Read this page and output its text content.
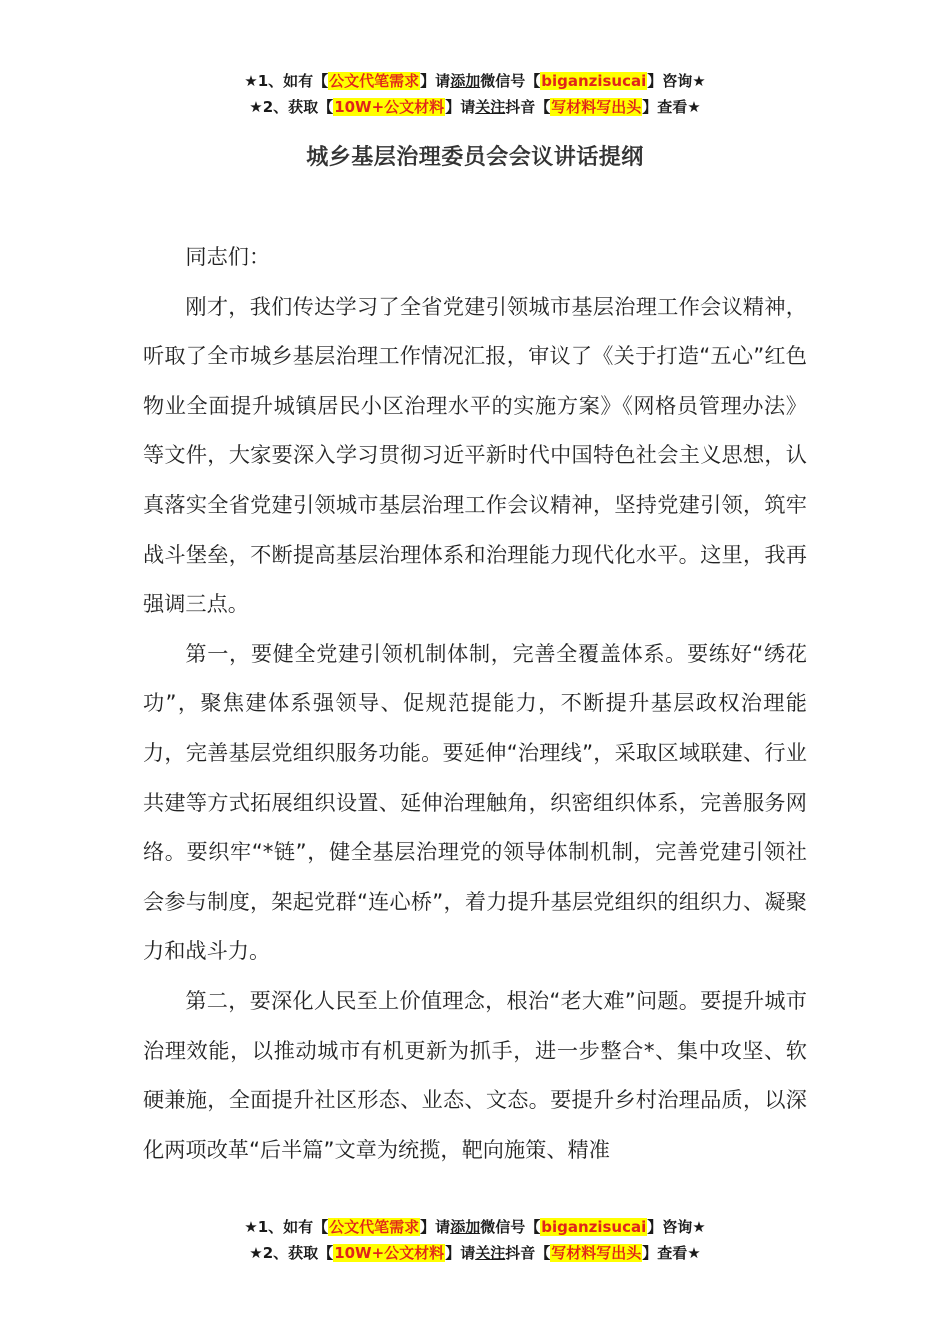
★1、如有【公文代笔需求】请添加微信号【biganzisucai】咨询★
★2、获取【10W+公文材料】请关注抖音【写材料写出头】查看★
城乡基层治理委员会会议讲话提纲

同志们：

刚才，我们传达学习了全省党建引领城市基层治理工作会议精神，听取了全市城乡基层治理工作情况汇报，审议了《关于打造“五心”红色物业全面提升城镇居民小区治理水平的实施方案》《网格员管理办法》等文件，大家要深入学习贯彻习近平新时代中国特色社会主义思想，认真落实全省党建引领城市基层治理工作会议精神，坚持党建引领，筑牢战斗堡垒，不断提高基层治理体系和治理能力现代化水平。这里，我再强调三点。

第一，要健全党建引领机制体制，完善全覆盖体系。要练好“绣花功”，聚焦建体系强领导、促规范提能力，不断提升基层政权治理能力，完善基层党组织服务功能。要延伸“治理线”，采取区域联建、行业共建等方式拓展组织设置、延伸治理触角，织密组织体系，完善服务网络。要织牢“*链”，健全基层治理党的领导体制机制，完善党建引领社会参与制度，架起党群“连心桥”，着力提升基层党组织的组织力、凝聚力和战斗力。

第二，要深化人民至上价值理念，根治“老大难”问题。要提升城市治理效能，以推动城市有机更新为抓手，进一步整合*、集中攻坚、软硬兼施，全面提升社区形态、业态、文态。要提升乡村治理品质，以深化两项改革“后半篇”文章为统揽，靶向施策、精准

★1、如有【公文代笔需求】请添加微信号【biganzisucai】咨询★
★2、获取【10W+公文材料】请关注抖音【写材料写出头】查看★
